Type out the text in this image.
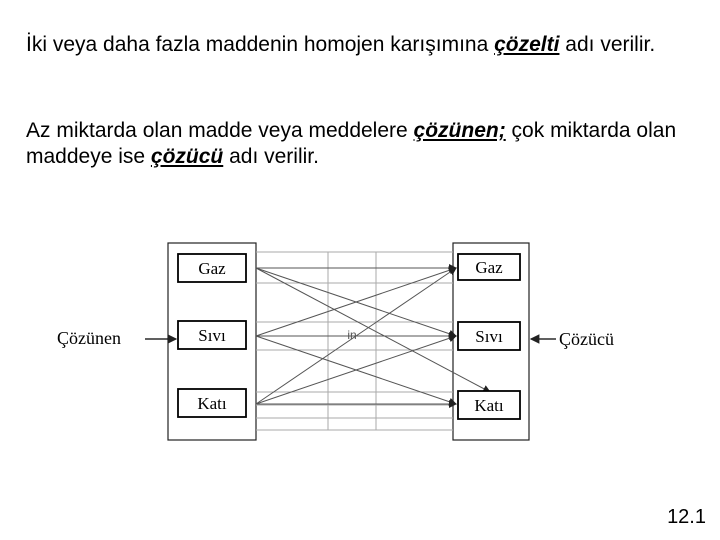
İki veya daha fazla maddenin homojen karışımına çözelti adı verilir.

Az miktarda olan madde veya meddelere çözünen; çok miktarda olan maddeye ise çözücü adı verilir.

Gaz
Sıvı
Katı
Gaz
Sıvı
Katı
in
Çözünen	Çözücü
12.1
